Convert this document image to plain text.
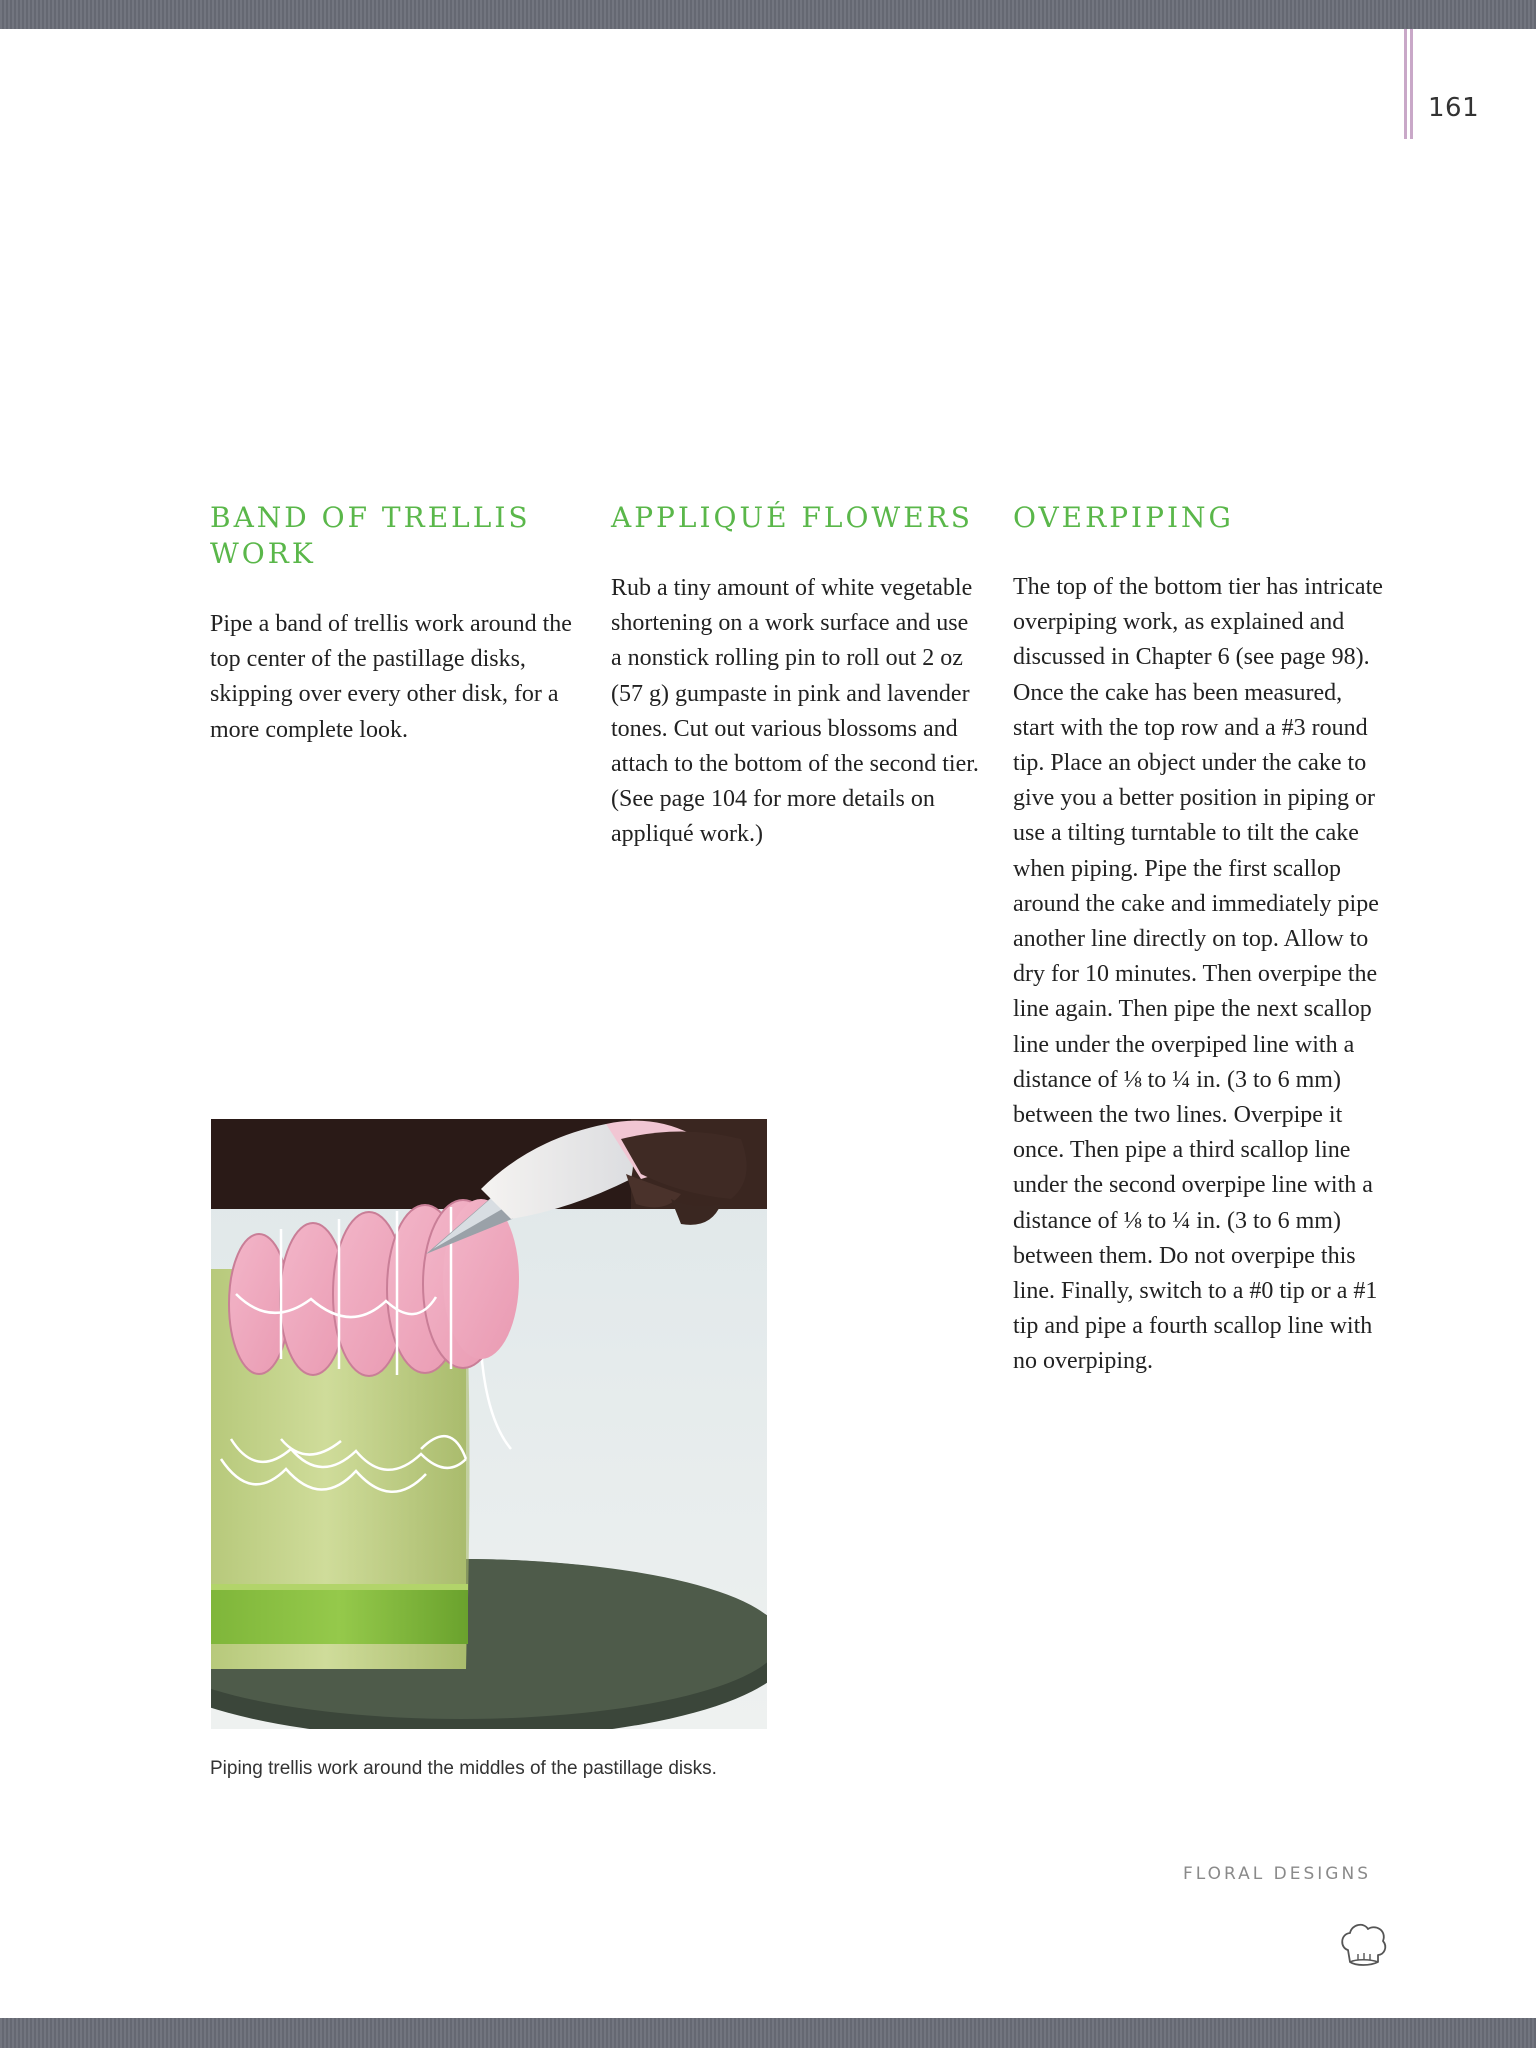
161
BAND OF TRELLIS WORK

Pipe a band of trellis work around the top center of the pastillage disks, skipping over every other disk, for a more complete look.

APPLIQUÉ FLOWERS

Rub a tiny amount of white vegetable shortening on a work surface and use a nonstick rolling pin to roll out 2 oz (57 g) gumpaste in pink and lavender tones. Cut out various blossoms and attach to the bottom of the second tier. (See page 104 for more details on appliqué work.)

OVERPIPING

The top of the bottom tier has intricate overpiping work, as explained and discussed in Chapter 6 (see page 98). Once the cake has been measured, start with the top row and a #3 round tip. Place an object under the cake to give you a better position in piping or use a tilting turntable to tilt the cake when piping. Pipe the first scallop around the cake and immediately pipe another line directly on top. Allow to dry for 10 minutes. Then overpipe the line again. Then pipe the next scallop line under the overpiped line with a distance of ⅛ to ¼ in. (3 to 6 mm) between the two lines. Overpipe it once. Then pipe a third scallop line under the second overpipe line with a distance of ⅛ to ¼ in. (3 to 6 mm) between them. Do not overpipe this line. Finally, switch to a #0 tip or a #1 tip and pipe a fourth scallop line with no overpiping.

Piping trellis work around the middles of the pastillage disks.
FLORAL DESIGNS
